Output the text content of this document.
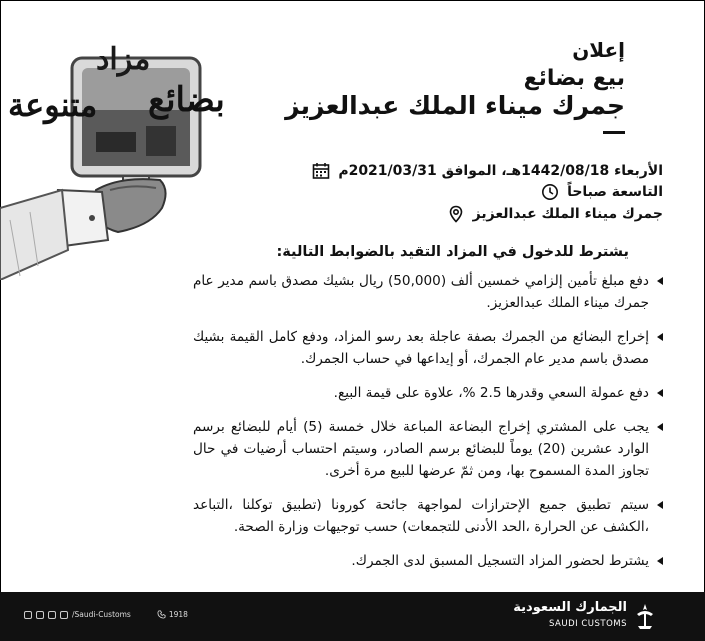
مزاد
بضائع
متنوعة
إعلان
بيع بضائع
جمرك ميناء الملك عبدالعزيز
الأربعاء 1442/08/18هـ، الموافق 2021/03/31م
التاسعة صباحاً
جمرك ميناء الملك عبدالعزيز
يشترط للدخول في المزاد التقيد بالضوابط التالية:
دفع مبلغ تأمين إلزامي خمسين ألف (50,000) ريال بشيك مصدق باسم مدير عام جمرك ميناء الملك عبدالعزيز.
إخراج البضائع من الجمرك بصفة عاجلة بعد رسو المزاد، ودفع كامل القيمة بشيك مصدق باسم مدير عام الجمرك، أو إيداعها في حساب الجمرك.
دفع عمولة السعي وقدرها 2.5 %، علاوة على قيمة البيع.
يجب على المشتري إخراج البضاعة المباعة خلال خمسة (5) أيام للبضائع برسم الوارد عشرين (20) يوماً للبضائع برسم الصادر، وسيتم احتساب أرضيات في حال تجاوز المدة المسموح بها، ومن ثمّ عرضها للبيع مرة أخرى.
سيتم تطبيق جميع الإحترازات لمواجهة جائحة كورونا (تطبيق توكلنا ،التباعد ،الكشف عن الحرارة ،الحد الأدنى للتجمعات) حسب توجيهات وزارة الصحة.
يشترط لحضور المزاد التسجيل المسبق لدى الجمرك.
الجمارك السعودية
SAUDI CUSTOMS
/Saudi-Customs	1918
